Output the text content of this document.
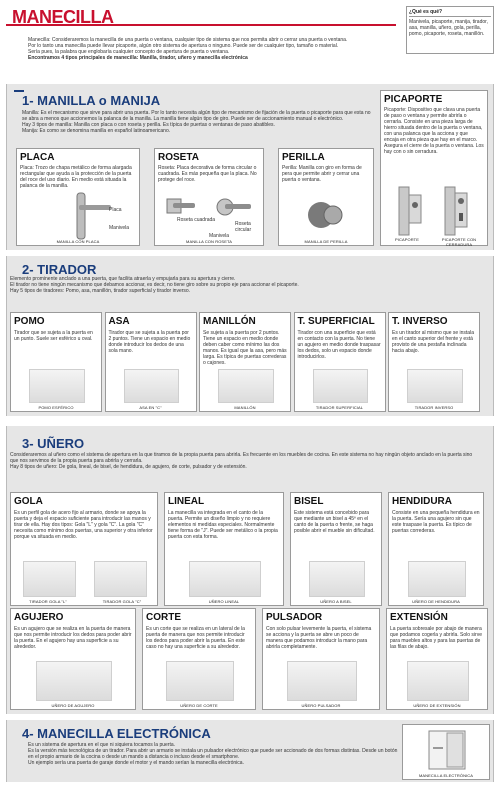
MANECILLA	¿Qué es qué?
Manivela, picaporte, manija, tirador, asa, manilla, uñero, gola, perilla, pomo, picaporte, roseta, manillón.
Manecilla: Consideraremos la manecilla de una puerta o ventana, cualquier tipo de sistema que nos permita abrir o cerrar una puerta o ventana.
Por lo tanto una manecilla puede llevar picaporte, algún otro sistema de apertura o ninguno. Puede ser de cualquier tipo, tamaño o material.
Sería pues, la palabra que englobaría cualquier concepto de apertura de puerta o ventana.
Encontramos 4 tipos principales de manecilla: Manilla, tirador, uñero y manecilla electrónica
1- MANILLA o MANIJA
Manilla: Es el mecanismo que sirve para abrir una puerta. Por lo tanto necesita algún tipo de mecanismo de fijación de la puerta o picaporte para que esta no se abra a menos que accionemos la palanca de la manilla. La manilla tiene algún tipo de giro. Puede ser de accionamiento manual o electrónico.
Hay 3 tipos de manilla: Manilla con placa o con roseta y perilla. Es típica de puertas o ventanas de paso abatibles.
Manija: Es como se denomina manilla en español latinoamericano.
PICAPORTE
Picaporte: Dispositivo que clava una puerta de paso o ventana y permite abrirla o cerrarla. Consiste en una pieza larga de hierro situada dentro de la puerta o ventana, con una palanca que la acciona y que encaja en otra pieza que hay en el marco. Asegura el cierre de la puerta o ventana. Los hay con o sin cerradura.
PICAPORTE	PICAPORTE CON CERRADURA
PLACA
Placa: Trozo de chapa metálico de forma alargada rectangular que ayuda a la protección de la puerta del roce del uso diario. En medio está situada la palanca de la manilla.
Placa
Manivela
MANILLA CON PLACA
ROSETA
Roseta: Placa decorativa de forma circular o cuadrada. Es más pequeña que la placa. No protege del roce.
Roseta cuadrada
Roseta circular
Manivela
MANILLA CON ROSETA
PERILLA
Perilla: Manilla con giro en forma de pera que permite abrir y cerrar una puerta o ventana.
MANILLA DE PERILLA
2- TIRADOR
Elemento prominente anclado a una puerta, que facilita atraerla y empujarla para su apertura y cierre.
El tirador no tiene ningún mecanismo que debamos accionar, es decir, no tiene giro sobre su propio eje para accionar el picaporte.
Hay 5 tipos de tiradores: Pomo, asa, manillón, tirador superficial y tirador inverso.
POMO
Tirador que se sujeta a la puerta en un punto. Suele ser esférico u oval.
POMO ESFÉRICO
ASA
Tirador que se sujeta a la puerta por 2 puntos. Tiene un espacio en medio donde introducir los dedos de una sola mano.
ASA EN "C"
MANILLÓN
Se sujeta a la puerta por 2 puntos. Tiene un espacio en medio donde deben caber como mínimo las dos manos. Es igual que la asa, pero más larga. Es típica de puertas correderas o cajones.
MANILLÓN
T. SUPERFICIAL
Tirador con una superficie que está en contacto con la puerta. No tiene un agujero en medio donde traspasar los dedos, solo un espacio donde introducirlos.
TIRADOR SUPERFICIAL
T. INVERSO
Es un tirador al mismo que se instala en el canto superior del frente y está provisto de una pestaña inclinada hacia abajo.
TIRADOR INVERSO
3- UÑERO
Consideraremos al uñero como el sistema de apertura en la que tiramos de la propia puerta para abrirla. Es frecuente en los muebles de cocina. En este sistema no hay ningún objeto anclado en la puerta sino que nos servimos de la propia puerta para abrirla y cerrarla.
Hay 8 tipos de uñero: De gola, lineal, de bisel, de hendidura, de agujero, de corte, pulsador y de extensión.
GOLA
Es un perfil gola de acero fijo al armario, donde se apoya la puerta y deja el espacio suficiente para introducir las manos y tirar de ella. Hay dos tipos: Gola "L" y gola "C". La gola "C" necesita como mínimo dos puertas, una superior y otra inferior porque va situada en medio.
TIRADOR GOLA "L"	TIRADOR GOLA "C"
LINEAL
La manecilla va integrada en el canto de la puerta. Permite un diseño limpio y no requiere elementos ni medidas especiales. Normalmente tiene forma de "J". Puede ser metálico o la propia puerta con esta forma.
UÑERO LINEAL
BISEL
Este sistema está concebido para que mediante un bisel a 45º en el canto de la puerta o frente, se haga posible abrir el mueble sin dificultad.
UÑERO A BISEL
HENDIDURA
Consiste en una pequeña hendidura en la puerta. Sería una agujero sin que este traspase la puerta. Es típico de puertas correderas.
UÑERO DE HENDIDURA
AGUJERO
Es un agujero que se realiza en la puerta de manera que nos permite introducir los dedos para poder abrir la puerta. En el agujero hay una superficie a su alrededor.
UÑERO DE AGUJERO
CORTE
Es un corte que se realiza en un lateral de la puerta de manera que nos permite introducir los dedos para poder abrir la puerta. En este caso no hay una superficie a su alrededor.
UÑERO DE CORTE
PULSADOR
Con solo pulsar levemente la puerta, el sistema se acciona y la puerta se abre un poco de manera que podamos introducir la mano para abrirla completamente.
UÑERO PULSADOR
EXTENSIÓN
La puerta sobresale por abajo de manera que podamos cogerla y abrirla. Solo sirve para muebles altos y para las puertas de las filas de abajo.
UÑERO DE EXTENSIÓN
4- MANECILLA ELECTRÓNICA
Es un sistema de apertura en el que ni siquiera tocamos la puerta.
Es la versión más tecnológica de un tirador. Para abrir un armario se instala un pulsador electrónico que puede ser accionado de dos formas distintas. Desde un botón en el propio armario de la cocina o desde un mando a distancia o incluso desde el smartphone.
Un ejemplo sería una puerta de garaje donde el motor y el mando serían la manecilla electrónica.
MANECILLA ELECTRÓNICA
